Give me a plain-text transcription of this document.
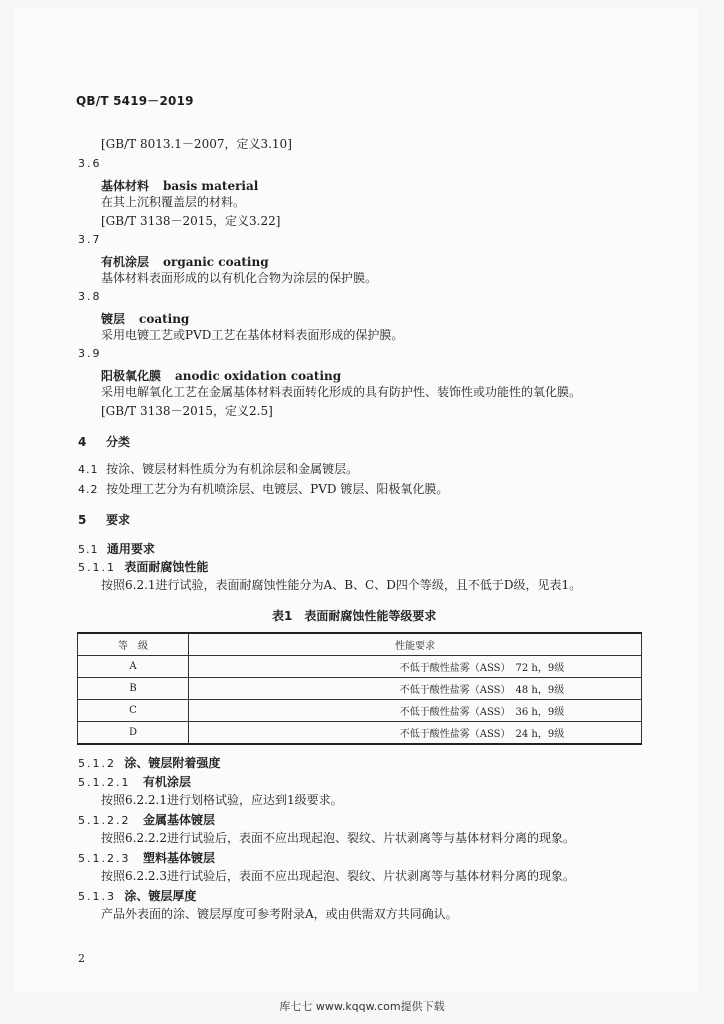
QB/T 5419－2019
[GB/T 8013.1－2007，定义3.10]
3.6
基体材料 basis material
在其上沉积覆盖层的材料。
[GB/T 3138－2015，定义3.22]
3.7
有机涂层 organic coating
基体材料表面形成的以有机化合物为涂层的保护膜。
3.8
镀层 coating
采用电镀工艺或PVD工艺在基体材料表面形成的保护膜。
3.9
阳极氧化膜 anodic oxidation coating
采用电解氧化工艺在金属基体材料表面转化形成的具有防护性、装饰性或功能性的氧化膜。
[GB/T 3138－2015，定义2.5]
4 分类
4.1 按涂、镀层材料性质分为有机涂层和金属镀层。
4.2 按处理工艺分为有机喷涂层、电镀层、PVD 镀层、阳极氧化膜。
5 要求
5.1 通用要求
5.1.1 表面耐腐蚀性能
按照6.2.1进行试验，表面耐腐蚀性能分为A、B、C、D四个等级，且不低于D级，见表1。
表1　表面耐腐蚀性能等级要求
等　级	性能要求
A	不低于酸性盐雾（ASS）　72 h，9级
B	不低于酸性盐雾（ASS）　48 h，9级
C	不低于酸性盐雾（ASS）　36 h，9级
D	不低于酸性盐雾（ASS）　24 h，9级
5.1.2 涂、镀层附着强度
5.1.2.1 有机涂层
按照6.2.2.1进行划格试验，应达到1级要求。
5.1.2.2 金属基体镀层
按照6.2.2.2进行试验后，表面不应出现起泡、裂纹、片状剥离等与基体材料分离的现象。
5.1.2.3 塑料基体镀层
按照6.2.2.3进行试验后，表面不应出现起泡、裂纹、片状剥离等与基体材料分离的现象。
5.1.3 涂、镀层厚度
产品外表面的涂、镀层厚度可参考附录A，或由供需双方共同确认。
2
库七七 www.kqqw.com提供下载
